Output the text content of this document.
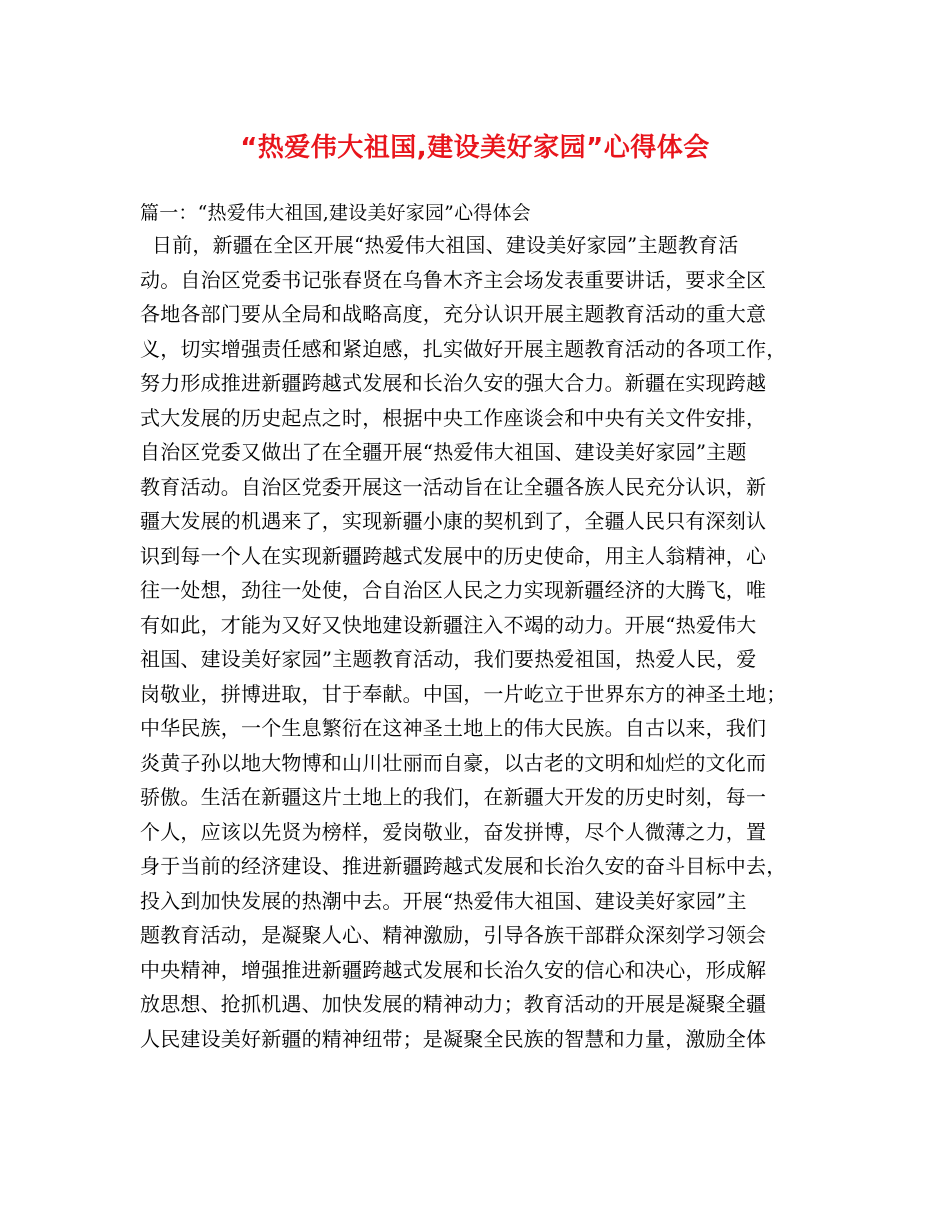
“热爱伟大祖国,建设美好家园”心得体会
篇一：“热爱伟大祖国,建设美好家园”心得体会
日前，新疆在全区开展“热爱伟大祖国、建设美好家园”主题教育活
动。自治区党委书记张春贤在乌鲁木齐主会场发表重要讲话，要求全区
各地各部门要从全局和战略高度，充分认识开展主题教育活动的重大意
义，切实增强责任感和紧迫感，扎实做好开展主题教育活动的各项工作，
努力形成推进新疆跨越式发展和长治久安的强大合力。新疆在实现跨越
式大发展的历史起点之时，根据中央工作座谈会和中央有关文件安排，
自治区党委又做出了在全疆开展“热爱伟大祖国、建设美好家园”主题
教育活动。自治区党委开展这一活动旨在让全疆各族人民充分认识，新
疆大发展的机遇来了，实现新疆小康的契机到了，全疆人民只有深刻认
识到每一个人在实现新疆跨越式发展中的历史使命，用主人翁精神，心
往一处想，劲往一处使，合自治区人民之力实现新疆经济的大腾飞，唯
有如此，才能为又好又快地建设新疆注入不竭的动力。开展“热爱伟大
祖国、建设美好家园”主题教育活动，我们要热爱祖国，热爱人民，爱
岗敬业，拼博进取，甘于奉献。中国，一片屹立于世界东方的神圣土地；
中华民族，一个生息繁衍在这神圣土地上的伟大民族。自古以来，我们
炎黄子孙以地大物博和山川壮丽而自豪，以古老的文明和灿烂的文化而
骄傲。生活在新疆这片土地上的我们，在新疆大开发的历史时刻，每一
个人，应该以先贤为榜样，爱岗敬业，奋发拼博，尽个人微薄之力，置
身于当前的经济建设、推进新疆跨越式发展和长治久安的奋斗目标中去，
投入到加快发展的热潮中去。开展“热爱伟大祖国、建设美好家园”主
题教育活动，是凝聚人心、精神激励，引导各族干部群众深刻学习领会
中央精神，增强推进新疆跨越式发展和长治久安的信心和决心，形成解
放思想、抢抓机遇、加快发展的精神动力；教育活动的开展是凝聚全疆
人民建设美好新疆的精神纽带；是凝聚全民族的智慧和力量，激励全体
